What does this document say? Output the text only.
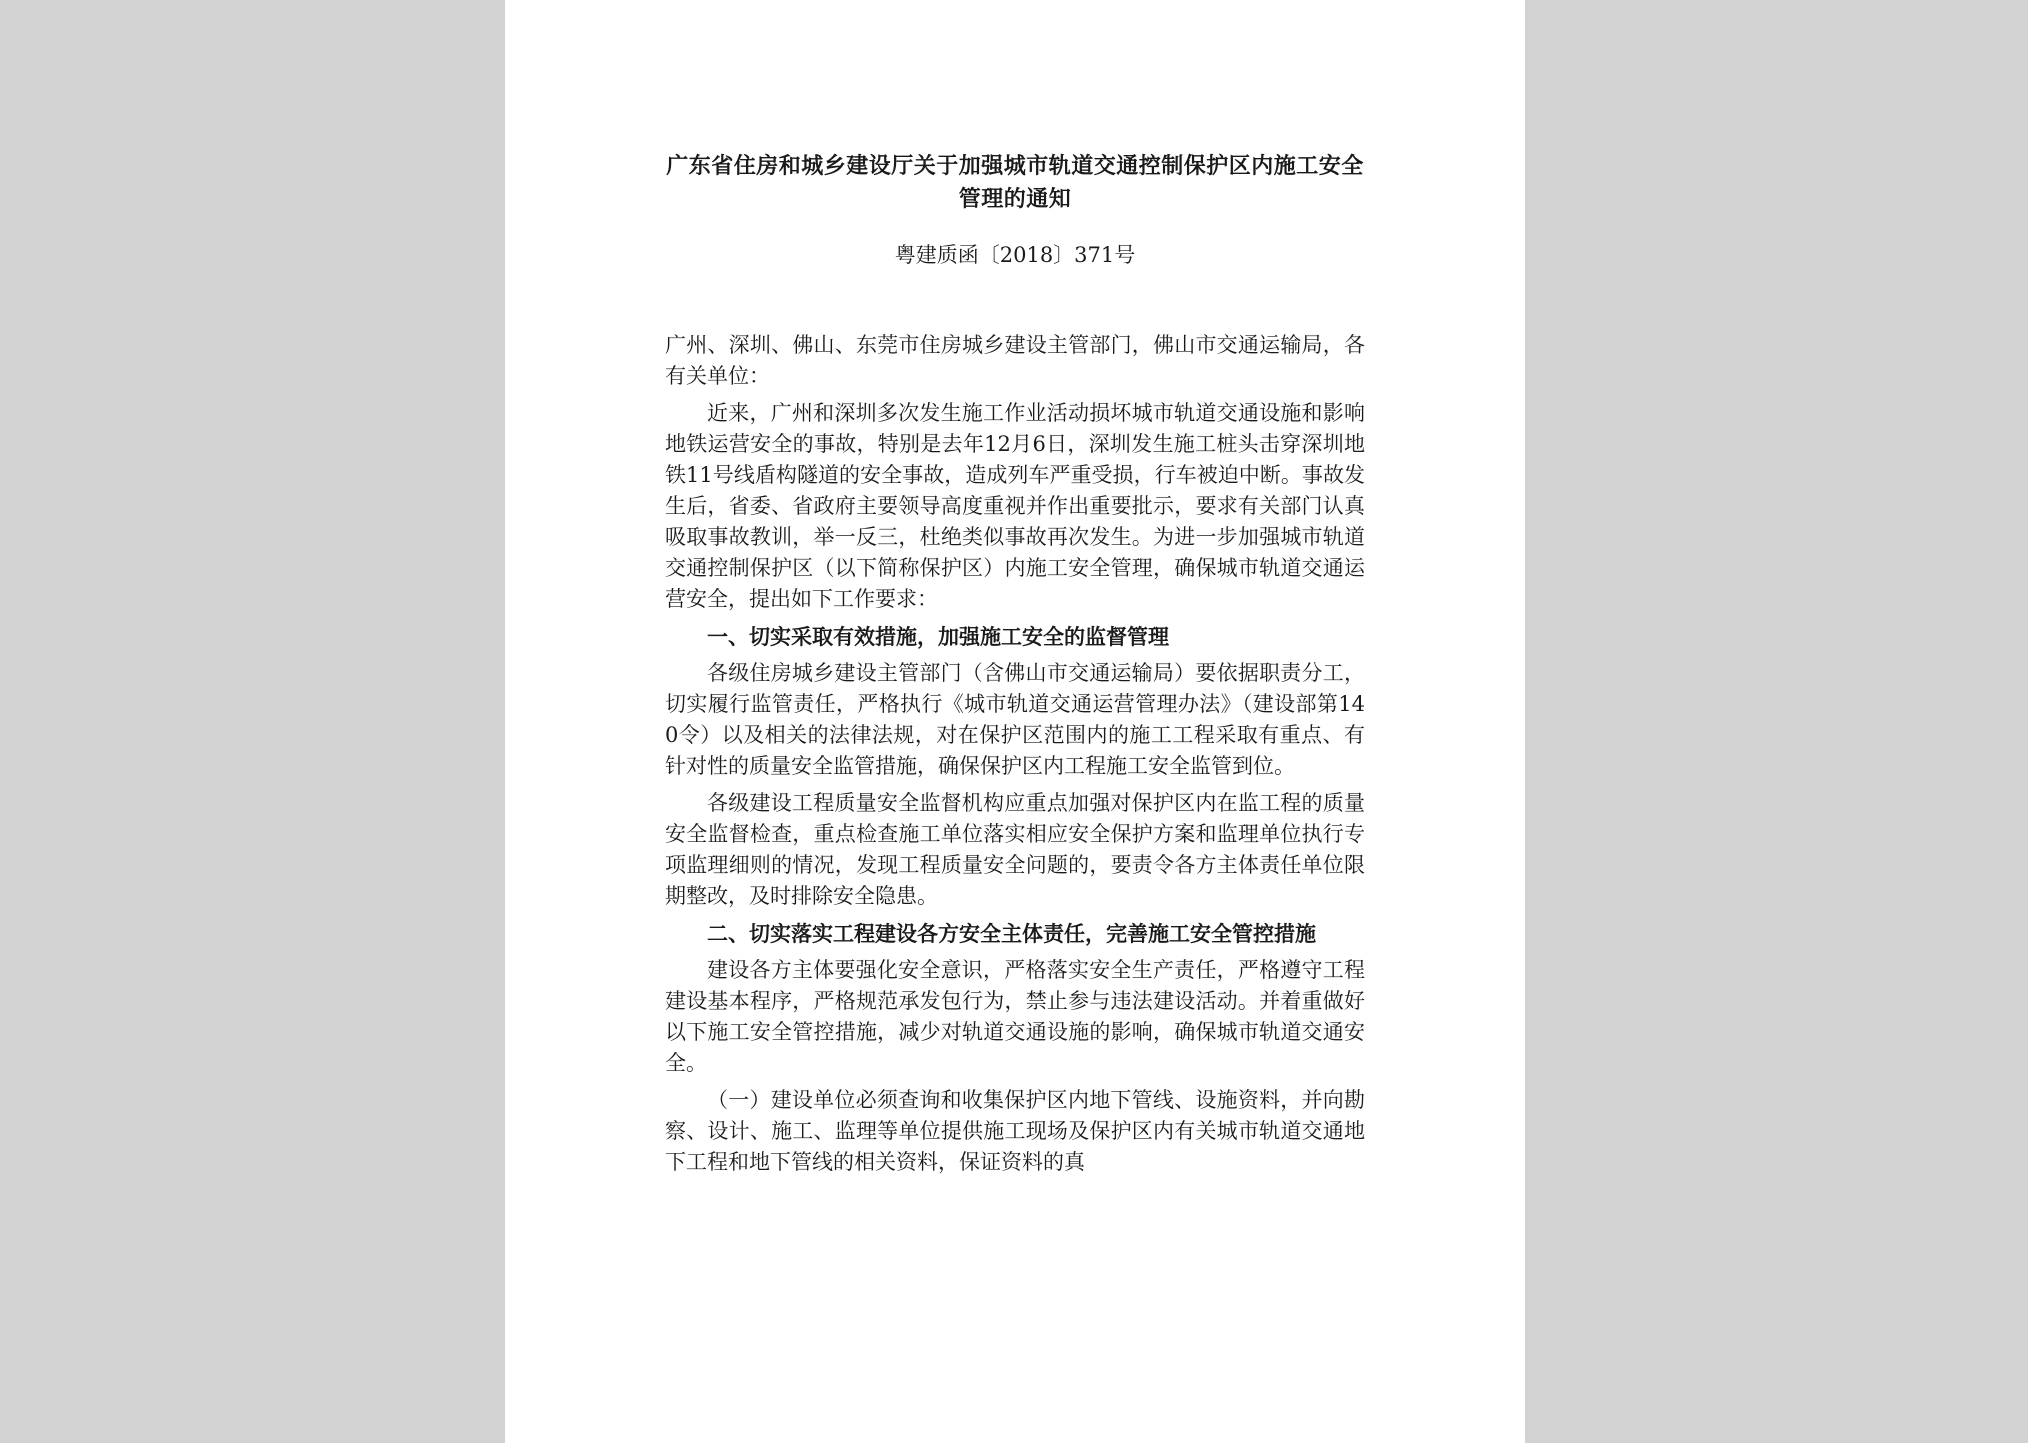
广东省住房和城乡建设厅关于加强城市轨道交通控制保护区内施工安全管理的通知

粤建质函〔2018〕371号

广州、深圳、佛山、东莞市住房城乡建设主管部门，佛山市交通运输局，各有关单位：

近来，广州和深圳多次发生施工作业活动损坏城市轨道交通设施和影响地铁运营安全的事故，特别是去年12月6日，深圳发生施工桩头击穿深圳地铁11号线盾构隧道的安全事故，造成列车严重受损，行车被迫中断。事故发生后，省委、省政府主要领导高度重视并作出重要批示，要求有关部门认真吸取事故教训，举一反三，杜绝类似事故再次发生。为进一步加强城市轨道交通控制保护区（以下简称保护区）内施工安全管理，确保城市轨道交通运营安全，提出如下工作要求：

一、切实采取有效措施，加强施工安全的监督管理

各级住房城乡建设主管部门（含佛山市交通运输局）要依据职责分工，切实履行监管责任，严格执行《城市轨道交通运营管理办法》（建设部第140令）以及相关的法律法规，对在保护区范围内的施工工程采取有重点、有针对性的质量安全监管措施，确保保护区内工程施工安全监管到位。

各级建设工程质量安全监督机构应重点加强对保护区内在监工程的质量安全监督检查，重点检查施工单位落实相应安全保护方案和监理单位执行专项监理细则的情况，发现工程质量安全问题的，要责令各方主体责任单位限期整改，及时排除安全隐患。

二、切实落实工程建设各方安全主体责任，完善施工安全管控措施

建设各方主体要强化安全意识，严格落实安全生产责任，严格遵守工程建设基本程序，严格规范承发包行为，禁止参与违法建设活动。并着重做好以下施工安全管控措施，减少对轨道交通设施的影响，确保城市轨道交通安全。

（一）建设单位必须查询和收集保护区内地下管线、设施资料，并向勘察、设计、施工、监理等单位提供施工现场及保护区内有关城市轨道交通地下工程和地下管线的相关资料，保证资料的真
